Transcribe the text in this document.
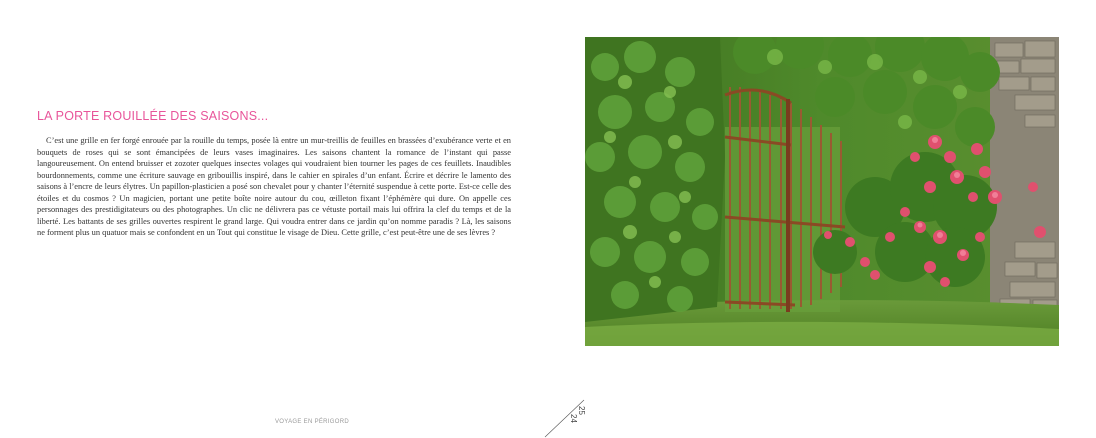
LA PORTE ROUILLÉE DES SAISONS...

C’est une grille en fer forgé enrouée par la rouille du temps, posée là entre un mur-treillis de feuilles en brassées d’exubérance verte et en bouquets de roses qui se sont émancipées de leurs vases imaginaires. Les saisons chantent la romance de l’instant qui passe langoureusement. On entend bruisser et zozoter quelques insectes volages qui voudraient bien tourner les pages de ces feuillets. Inaudibles bourdonnements, comme une écriture sauvage en gribouillis inspiré, dans le cahier en spirales d’un enfant. Écrire et décrire le lamento des saisons à l’encre de leurs élytres. Un papillon-plasticien a posé son chevalet pour y chanter l’éternité suspendue à cette porte. Est-ce celle des étoiles et du cosmos ? Un magicien, portant une petite boîte noire autour du cou, œilleton fixant l’éphémère qui dure. On appelle ces personnages des prestidigitateurs ou des photographes. Un clic ne délivrera pas ce vétuste portail mais lui offrira la clef du temps et de la liberté. Les battants de ses grilles ouvertes respirent le grand large. Qui voudra entrer dans ce jardin qu’on nomme paradis ? Là, les saisons ne forment plus un quatuor mais se confondent en un Tout qui constitue le visage de Dieu. Cette grille, c’est peut-être une de ses lèvres ?

VOYAGE EN PÉRIGORD	24
25
